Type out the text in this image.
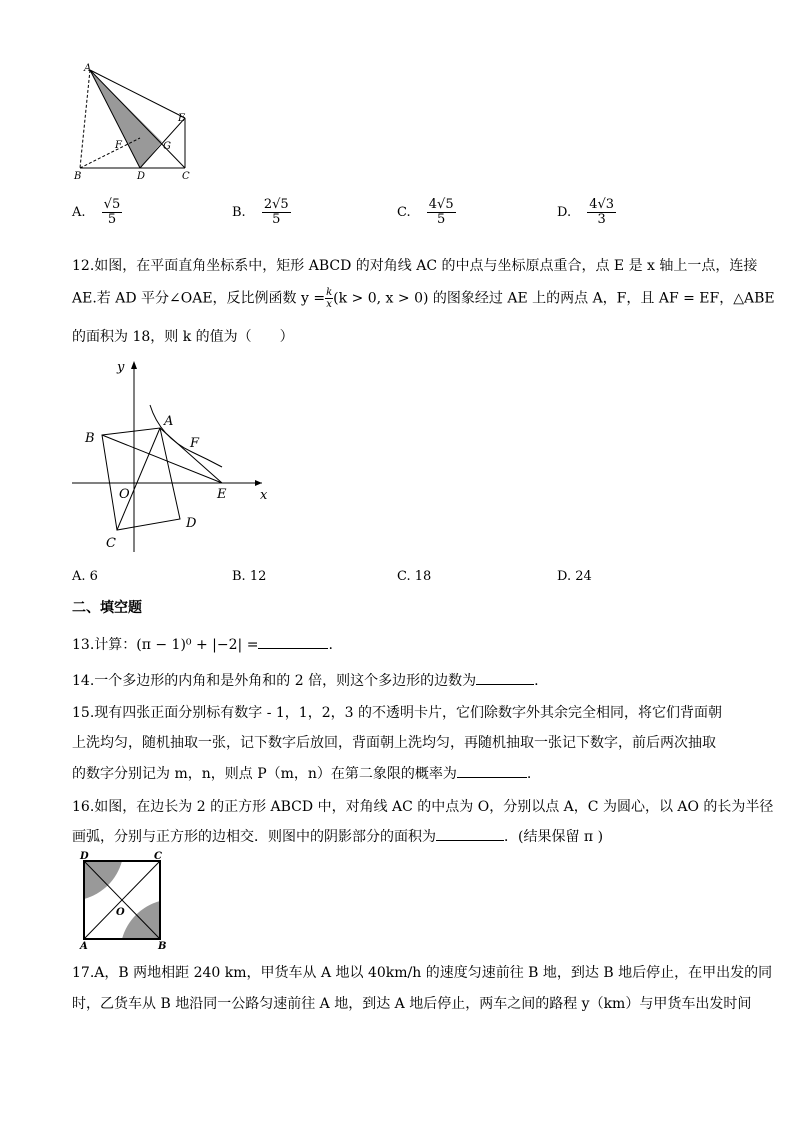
A
E
F	G
B	D	C
A. $\frac{√5}{5}$	B. $\frac{2√5}{5}$	C. $\frac{4√5}{5}$	D. $\frac{4√3}{3}$
12.如图，在平面直角坐标系中，矩形 ABCD 的对角线 AC 的中点与坐标原点重合，点 E 是 x 轴上一点，连接
AE.若 AD 平分∠OAE，反比例函数 $y = \frac{k}{x} (k > 0$, x > 0) 的图象经过 AE 上的两点 A，F，且 AF = EF，△ABE
的面积为 18，则 k 的值为（　　）
y
x
A
B	F
O	E
C
D
A. 6	B. 12	C. 18	D. 24
二、填空题
13.计算：(π − 1)⁰ + |−2| =	.
14.一个多边形的内角和是外角和的 2 倍，则这个多边形的边数为	.
15.现有四张正面分别标有数字 - 1，1，2，3 的不透明卡片，它们除数字外其余完全相同，将它们背面朝
上洗均匀，随机抽取一张，记下数字后放回，背面朝上洗均匀，再随机抽取一张记下数字，前后两次抽取
的数字分别记为 m，n，则点 P（m，n）在第二象限的概率为	.
16.如图，在边长为 2 的正方形 ABCD 中，对角线 AC 的中点为 O，分别以点 A，C 为圆心，以 AO 的长为半径
画弧，分别与正方形的边相交．则图中的阴影部分的面积为	．(结果保留 π )
D	C
O
A	B
17.A，B 两地相距 240 km，甲货车从 A 地以 40km/h 的速度匀速前往 B 地，到达 B 地后停止，在甲出发的同
时，乙货车从 B 地沿同一公路匀速前往 A 地，到达 A 地后停止，两车之间的路程 y（km）与甲货车出发时间
